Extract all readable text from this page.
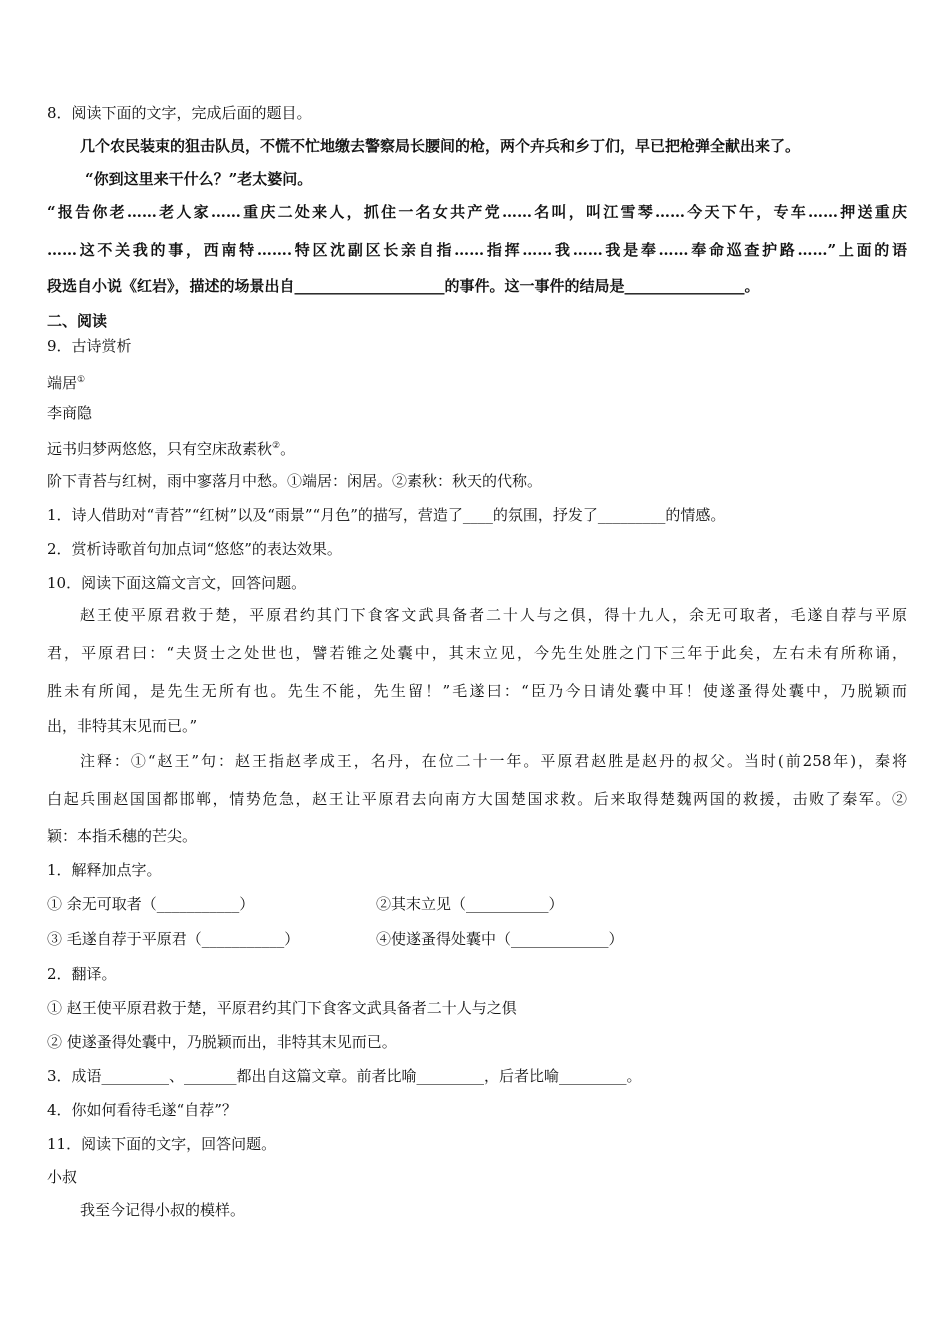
8．阅读下面的文字，完成后面的题目。
几个农民装束的狙击队员，不慌不忙地缴去警察局长腰间的枪，两个卉兵和乡丁们，早已把枪弹全献出来了。
“你到这里来干什么？”老太婆问。
“报告你老……老人家……重庆二处来人，抓住一名女共产党……名叫，叫江雪琴……今天下午，专车……押送重庆
……这不关我的事，西南特…….特区沈副区长亲自指……指挥……我……我是奉……奉命巡查护路……”上面的语
段选自小说《红岩》，描述的场景出自____________________的事件。这一事件的结局是________________。
二、阅读
9．古诗赏析
端居①
李商隐
远书归梦两悠悠，只有空床敌素秋②。
阶下青苔与红树，雨中寥落月中愁。①端居：闲居。②素秋：秋天的代称。
1．诗人借助对“青苔”“红树”以及“雨景”“月色”的描写，营造了____的氛围，抒发了_________的情感。
2．赏析诗歌首句加点词“悠悠”的表达效果。
10．阅读下面这篇文言文，回答问题。
赵王使平原君救于楚，平原君约其门下食客文武具备者二十人与之俱，得十九人，余无可取者，毛遂自荐与平原
君，平原君曰：“夫贤士之处世也，譬若锥之处囊中，其末立见，今先生处胜之门下三年于此矣，左右未有所称诵，
胜未有所闻，是先生无所有也。先生不能，先生留！”毛遂曰：“臣乃今日请处囊中耳！使遂蚤得处囊中，乃脱颖而
出，非特其末见而已。”
注释：①“赵王”句：赵王指赵孝成王，名丹，在位二十一年。平原君赵胜是赵丹的叔父。当时(前258年)，秦将
白起兵围赵国国都邯郸，情势危急，赵王让平原君去向南方大国楚国求救。后来取得楚魏两国的救援，击败了秦军。②
颖：本指禾穗的芒尖。
1．解释加点字。
① 余无可取者（___________）	②其末立见（___________）
③ 毛遂自荐于平原君（___________）	④使遂蚤得处囊中（_____________）
2．翻译。
① 赵王使平原君救于楚，平原君约其门下食客文武具备者二十人与之俱
② 使遂蚤得处囊中，乃脱颖而出，非特其末见而已。
3．成语_________、_______都出自这篇文章。前者比喻_________，后者比喻_________。
4．你如何看待毛遂“自荐”？
11．阅读下面的文字，回答问题。
小叔
我至今记得小叔的模样。
